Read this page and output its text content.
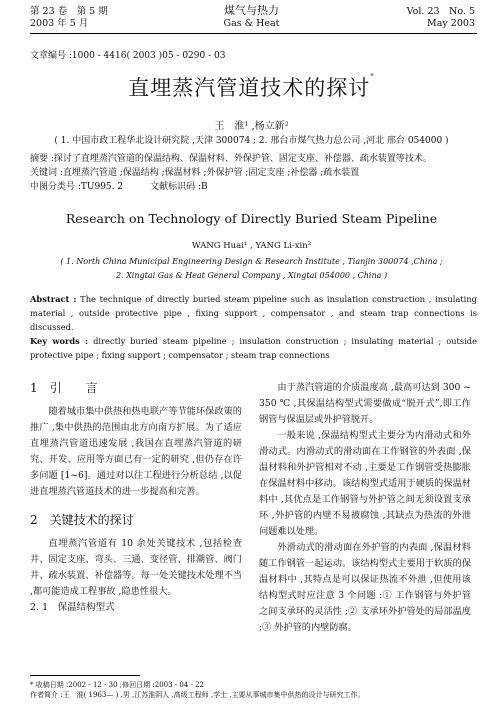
第 23 卷　第 5 期
2003 年 5 月
煤气与热力
Gas & Heat
Vol. 23　No. 5
May 2003
文章编号 :1000 - 4416( 2003 )05 - 0290 - 03
直埋蒸汽管道技术的探讨*
王　淮¹ ,杨立新²
( 1. 中国市政工程华北设计研究院 ,天津 300074 ; 2. 邢台市煤气热力总公司 ,河北 邢台 054000 )
摘要 :探讨了直埋蒸汽管道的保温结构、保温材料、外保护管、固定支座、补偿器、疏水装置等技术。
关键词 :直埋蒸汽管道 ;保温结构 ;保温材料 ;外保护管 ;固定支座 ;补偿器 ;疏水装置
中图分类号 :TU995. 2　　　文献标识码 :B
Research on Technology of Directly Buried Steam Pipeline
WANG Huai¹ , YANG Li-xin²
( 1. North China Municipal Engineering Design & Research Institute , Tianjin 300074 ,China ;
2. Xingtai Gas & Heat General Company , Xingtai 054000 , China )
Abstract : The technique of directly buried steam pipeline such as insulation construction , insulating material , outside protective pipe , fixing support , compensator , and steam trap connections is discussed.
Key words : directly buried steam pipeline ; insulation construction ; insulating material ; outside protective pipe ; fixing support ; compensator ; steam trap connections
1　引　　言

随着城市集中供热和热电联产等节能环保政策的推广 ,集中供热的范围由北方向南方扩展。为了适应直埋蒸汽管道迅速发展 ,我国在直埋蒸汽管道的研究、开发、应用等方面已有一定的研究 ,但仍存在许多问题 [1~6]。通过对以往工程进行分析总结 ,以促进直埋蒸汽管道技术的进一步提高和完善。

2　关键技术的探讨

直埋蒸汽管道有 10 余处关键技术 ,包括检查井、固定支座、弯头、三通、变径管、排潮管、阀门井、疏水装置、补偿器等。每一处关键技术处理不当 ,都可能造成工程事故 ,隐患性很大。

2. 1　保温结构型式

由于蒸汽管道的介质温度高 ,最高可达到 300 ~ 350 ℃ ,其保温结构型式需要做成“脱开式”,即工作钢管与保温层或外护管脱开。

一般来说 ,保温结构型式主要分为内滑动式和外滑动式。内滑动式的滑动面在工作钢管的外表面 ,保温材料和外护管相对不动 ,主要是工作钢管受热膨胀在保温材料中移动。该结构型式适用于硬质的保温材料中 ,其优点是工作钢管与外护管之间无须设置支承环 ,外护管的内壁不易被腐蚀 ,其缺点为热流的外泄问题难以处理。

外滑动式的滑动面在外护管的内表面 ,保温材料随工作钢管一起运动。该结构型式主要用于软质的保温材料中 ,其特点是可以保证热流不外泄 ,但使用该结构型式时应注意 3 个问题 :① 工作钢管与外护管之间支承环的灵活性 ;② 支承环外护管处的局部温度 ;③ 外护管的内壁防腐。

* 收稿日期 :2002 - 12 - 30 ;修回日期 :2003 - 04 - 22
作者简介 :王　淮( 1963— ) ,男 ,江苏淮阴人 ,高级工程师 ,学士 ,主要从事城市集中供热的设计与研究工作。
